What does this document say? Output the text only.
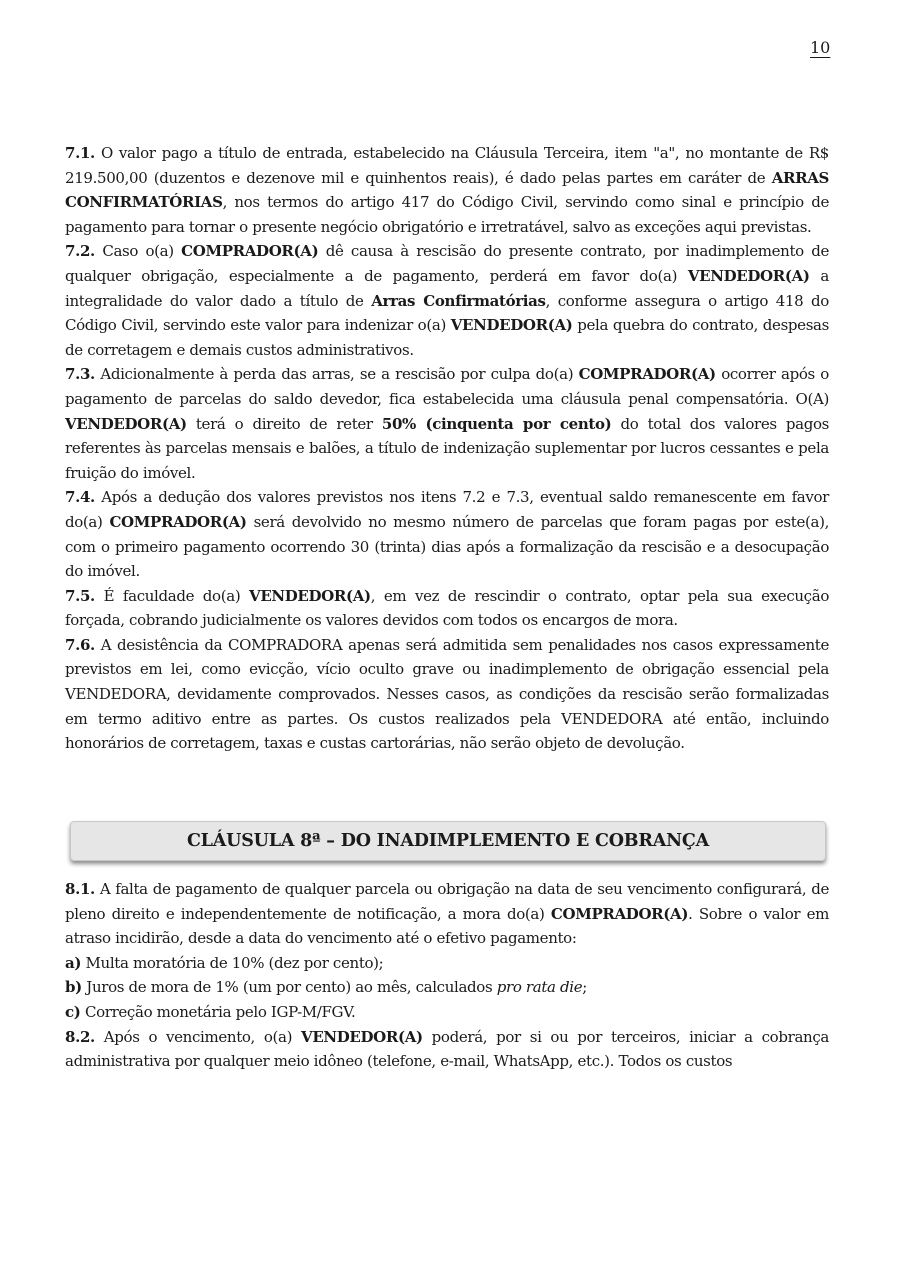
10

7.1. O valor pago a título de entrada, estabelecido na Cláusula Terceira, item "a", no montante de R$ 219.500,00 (duzentos e dezenove mil e quinhentos reais), é dado pelas partes em caráter de ARRAS CONFIRMATÓRIAS, nos termos do artigo 417 do Código Civil, servindo como sinal e princípio de pagamento para tornar o presente negócio obrigatório e irretratável, salvo as exceções aqui previstas.

7.2. Caso o(a) COMPRADOR(A) dê causa à rescisão do presente contrato, por inadimplemento de qualquer obrigação, especialmente a de pagamento, perderá em favor do(a) VENDEDOR(A) a integralidade do valor dado a título de Arras Confirmatórias, conforme assegura o artigo 418 do Código Civil, servindo este valor para indenizar o(a) VENDEDOR(A) pela quebra do contrato, despesas de corretagem e demais custos administrativos.

7.3. Adicionalmente à perda das arras, se a rescisão por culpa do(a) COMPRADOR(A) ocorrer após o pagamento de parcelas do saldo devedor, fica estabelecida uma cláusula penal compensatória. O(A) VENDEDOR(A) terá o direito de reter 50% (cinquenta por cento) do total dos valores pagos referentes às parcelas mensais e balões, a título de indenização suplementar por lucros cessantes e pela fruição do imóvel.

7.4. Após a dedução dos valores previstos nos itens 7.2 e 7.3, eventual saldo remanescente em favor do(a) COMPRADOR(A) será devolvido no mesmo número de parcelas que foram pagas por este(a), com o primeiro pagamento ocorrendo 30 (trinta) dias após a formalização da rescisão e a desocupação do imóvel.

7.5. É faculdade do(a) VENDEDOR(A), em vez de rescindir o contrato, optar pela sua execução forçada, cobrando judicialmente os valores devidos com todos os encargos de mora.

7.6. A desistência da COMPRADORA apenas será admitida sem penalidades nos casos expressamente previstos em lei, como evicção, vício oculto grave ou inadimplemento de obrigação essencial pela VENDEDORA, devidamente comprovados. Nesses casos, as condições da rescisão serão formalizadas em termo aditivo entre as partes. Os custos realizados pela VENDEDORA até então, incluindo honorários de corretagem, taxas e custas cartorárias, não serão objeto de devolução.

CLÁUSULA 8ª – DO INADIMPLEMENTO E COBRANÇA

8.1. A falta de pagamento de qualquer parcela ou obrigação na data de seu vencimento configurará, de pleno direito e independentemente de notificação, a mora do(a) COMPRADOR(A). Sobre o valor em atraso incidirão, desde a data do vencimento até o efetivo pagamento:

a) Multa moratória de 10% (dez por cento);

b) Juros de mora de 1% (um por cento) ao mês, calculados pro rata die;

c) Correção monetária pelo IGP-M/FGV.

8.2. Após o vencimento, o(a) VENDEDOR(A) poderá, por si ou por terceiros, iniciar a cobrança administrativa por qualquer meio idôneo (telefone, e-mail, WhatsApp, etc.). Todos os custos
